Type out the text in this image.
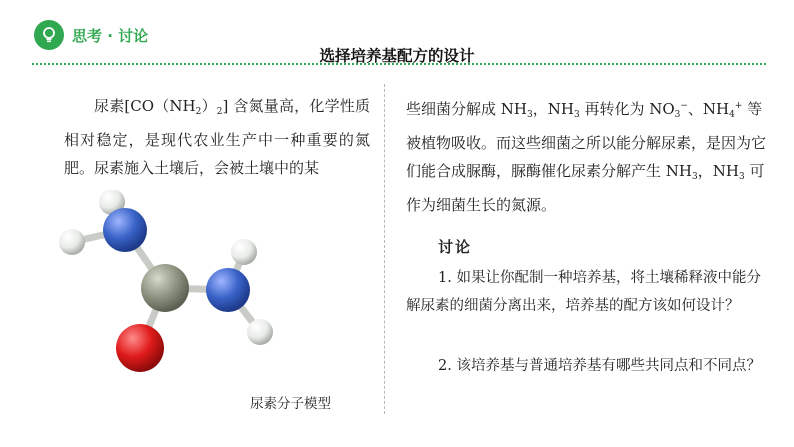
思考 · 讨论
选择培养基配方的设计

尿素$[CO(NH_2)_2]$ 含氮量高，化学性质相对稳定，是现代农业生产中一种重要的氮肥。尿素施入土壤后，会被土壤中的某

些细菌分解成 $NH_3$，$NH_3$ 再转化为 $NO_3^-$、$NH_4^+$ 等被植物吸收。而这些细菌之所以能分解尿素，是因为它们能合成脲酶，脲酶催化尿素分解产生 $NH_3$，$NH_3$ 可作为细菌生长的氮源。

讨论

1. 如果让你配制一种培养基，将土壤稀释液中能分解尿素的细菌分离出来，培养基的配方该如何设计？

2. 该培养基与普通培养基有哪些共同点和不同点？

尿素分子模型
